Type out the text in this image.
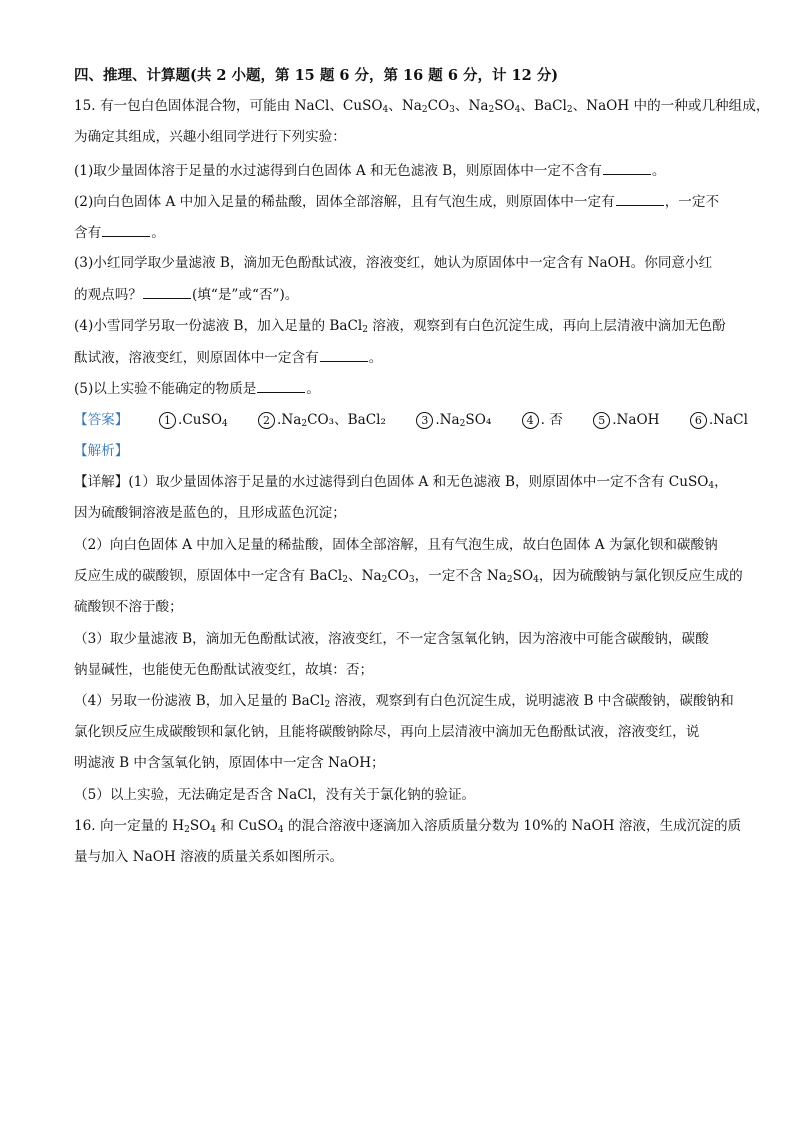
四、推理、计算题(共 2 小题，第 15 题 6 分，第 16 题 6 分，计 12 分)
15. 有一包白色固体混合物，可能由 NaCl、CuSO$_4$、$Na_2CO_3$、$Na_2SO_4$、BaCl$_2$、NaOH 中的一种或几种组成，
为确定其组成，兴趣小组同学进行下列实验：
(1)取少量固体溶于足量的水过滤得到白色固体 A 和无色滤液 B，则原固体中一定不含有	。
(2)向白色固体 A 中加入足量的稀盐酸，固体全部溶解，且有气泡生成，则原固体中一定有	，一定不
含有	。
(3)小红同学取少量滤液 B，滴加无色酚酞试液，溶液变红，她认为原固体中一定含有 NaOH。你同意小红
的观点吗？	(填“是”或“否”)。
(4)小雪同学另取一份滤液 B，加入足量的 BaCl$_2$ 溶液，观察到有白色沉淀生成，再向上层清液中滴加无色酚
酞试液，溶液变红，则原固体中一定含有	。
(5)以上实验不能确定的物质是	。
【答案】	1 .CuSO$_4$	2 $.Na_2CO_3$、BaCl₂	3 $.Na_2SO_4$	4 . 否	5 .NaOH	6 .NaCl
【解析】
【详解】(1）取少量固体溶于足量的水过滤得到白色固体 A 和无色滤液 B，则原固体中一定不含有 CuSO$_4$，
因为硫酸铜溶液是蓝色的，且形成蓝色沉淀；
（2）向白色固体 A 中加入足量的稀盐酸，固体全部溶解，且有气泡生成，故白色固体 A 为氯化钡和碳酸钠
反应生成的碳酸钡，原固体中一定含有 BaCl$_2$、$Na_2CO_3$，一定不含 $Na_2SO_4$，因为硫酸钠与氯化钡反应生成的
硫酸钡不溶于酸；
（3）取少量滤液 B，滴加无色酚酞试液，溶液变红，不一定含氢氧化钠，因为溶液中可能含碳酸钠，碳酸
钠显碱性，也能使无色酚酞试液变红，故填：否；
（4）另取一份滤液 B，加入足量的 BaCl$_2$ 溶液，观察到有白色沉淀生成，说明滤液 B 中含碳酸钠，碳酸钠和
氯化钡反应生成碳酸钡和氯化钠，且能将碳酸钠除尽，再向上层清液中滴加无色酚酞试液，溶液变红，说
明滤液 B 中含氢氧化钠，原固体中一定含 NaOH；
（5）以上实验，无法确定是否含 NaCl，没有关于氯化钠的验证。
16. 向一定量的 $H_2SO_4$ 和 CuSO$_4$ 的混合溶液中逐滴加入溶质质量分数为 10%的 NaOH 溶液，生成沉淀的质
量与加入 NaOH 溶液的质量关系如图所示。
